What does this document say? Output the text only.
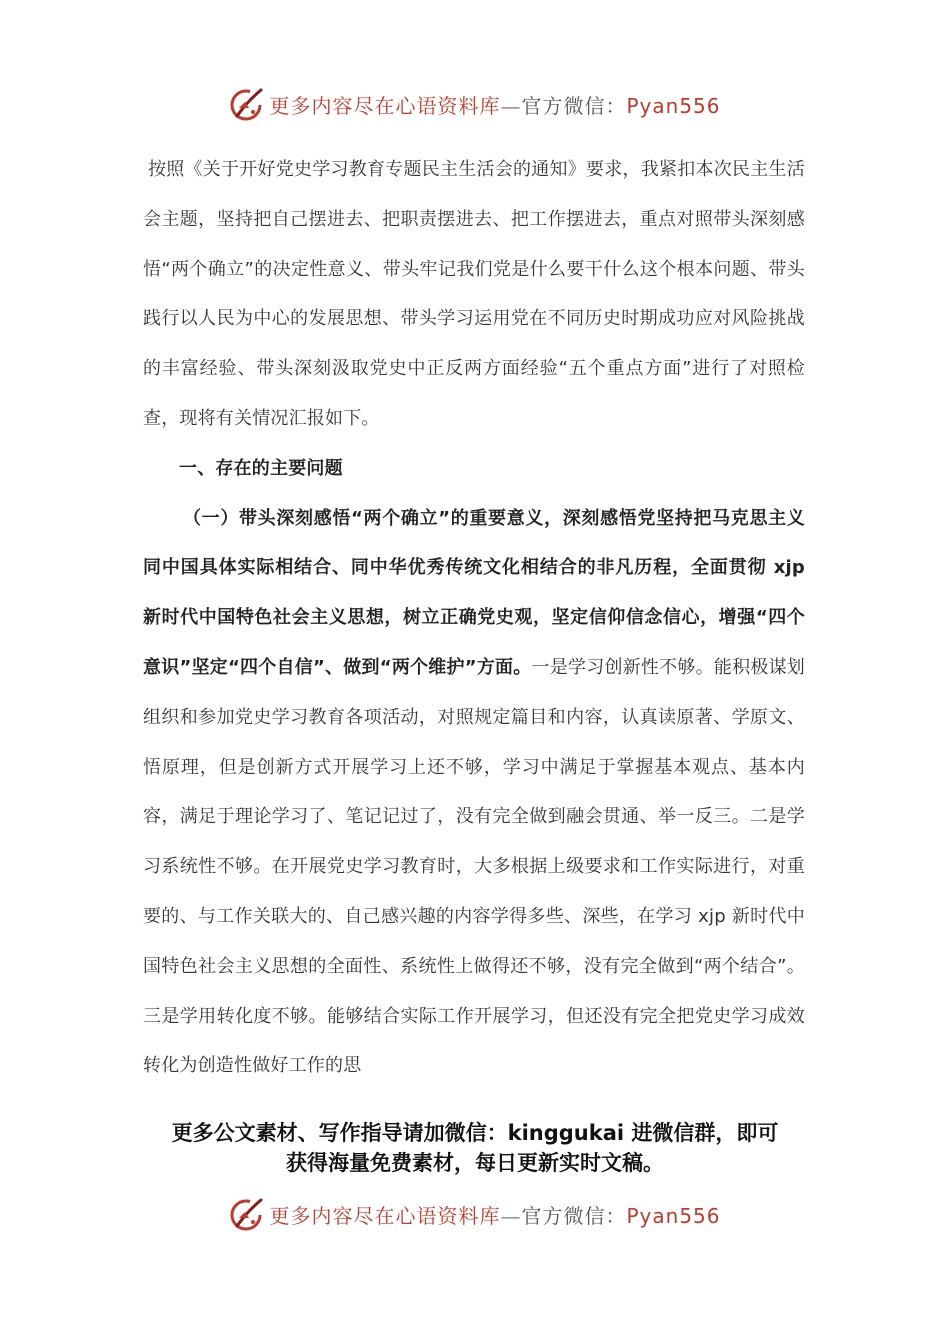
更多内容尽在心语资料库—官方微信：Pyan556

按照《关于开好党史学习教育专题民主生活会的通知》要求，我紧扣本次民主生活会主题，坚持把自己摆进去、把职责摆进去、把工作摆进去，重点对照带头深刻感悟“两个确立”的决定性意义、带头牢记我们党是什么要干什么这个根本问题、带头践行以人民为中心的发展思想、带头学习运用党在不同历史时期成功应对风险挑战的丰富经验、带头深刻汲取党史中正反两方面经验“五个重点方面”进行了对照检查，现将有关情况汇报如下。

一、存在的主要问题

（一）带头深刻感悟“两个确立”的重要意义，深刻感悟党坚持把马克思主义同中国具体实际相结合、同中华优秀传统文化相结合的非凡历程，全面贯彻 xjp 新时代中国特色社会主义思想，树立正确党史观，坚定信仰信念信心，增强“四个意识”坚定“四个自信”、做到“两个维护”方面。一是学习创新性不够。能积极谋划组织和参加党史学习教育各项活动，对照规定篇目和内容，认真读原著、学原文、悟原理，但是创新方式开展学习上还不够，学习中满足于掌握基本观点、基本内容，满足于理论学习了、笔记记过了，没有完全做到融会贯通、举一反三。二是学习系统性不够。在开展党史学习教育时，大多根据上级要求和工作实际进行，对重要的、与工作关联大的、自己感兴趣的内容学得多些、深些，在学习 xjp 新时代中国特色社会主义思想的全面性、系统性上做得还不够，没有完全做到“两个结合”。三是学用转化度不够。能够结合实际工作开展学习，但还没有完全把党史学习成效转化为创造性做好工作的思

更多公文素材、写作指导请加微信：kinggukai 进微信群，即可
获得海量免费素材，每日更新实时文稿。
更多内容尽在心语资料库—官方微信：Pyan556
